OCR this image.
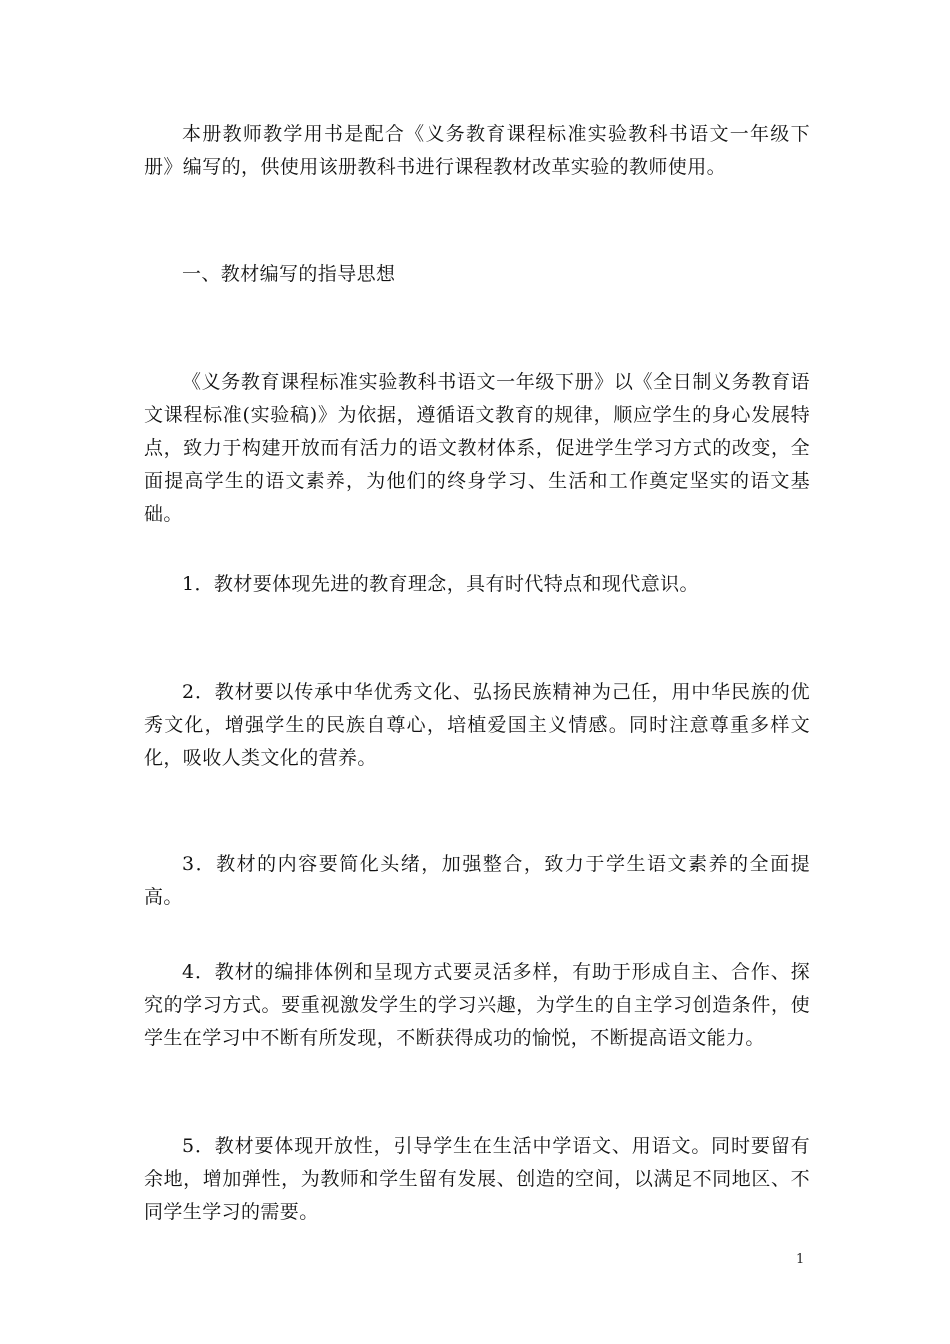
本册教师教学用书是配合《义务教育课程标准实验教科书语文一年级下册》编写的，供使用该册教科书进行课程教材改革实验的教师使用。

一、教材编写的指导思想

《义务教育课程标准实验教科书语文一年级下册》以《全日制义务教育语文课程标准(实验稿)》为依据，遵循语文教育的规律，顺应学生的身心发展特点，致力于构建开放而有活力的语文教材体系，促进学生学习方式的改变，全面提高学生的语文素养，为他们的终身学习、生活和工作奠定坚实的语文基础。

1．教材要体现先进的教育理念，具有时代特点和现代意识。

2．教材要以传承中华优秀文化、弘扬民族精神为己任，用中华民族的优秀文化，增强学生的民族自尊心，培植爱国主义情感。同时注意尊重多样文化，吸收人类文化的营养。

3．教材的内容要简化头绪，加强整合，致力于学生语文素养的全面提高。

4．教材的编排体例和呈现方式要灵活多样，有助于形成自主、合作、探究的学习方式。要重视激发学生的学习兴趣，为学生的自主学习创造条件，使学生在学习中不断有所发现，不断获得成功的愉悦，不断提高语文能力。

5．教材要体现开放性，引导学生在生活中学语文、用语文。同时要留有余地，增加弹性，为教师和学生留有发展、创造的空间，以满足不同地区、不同学生学习的需要。

1
